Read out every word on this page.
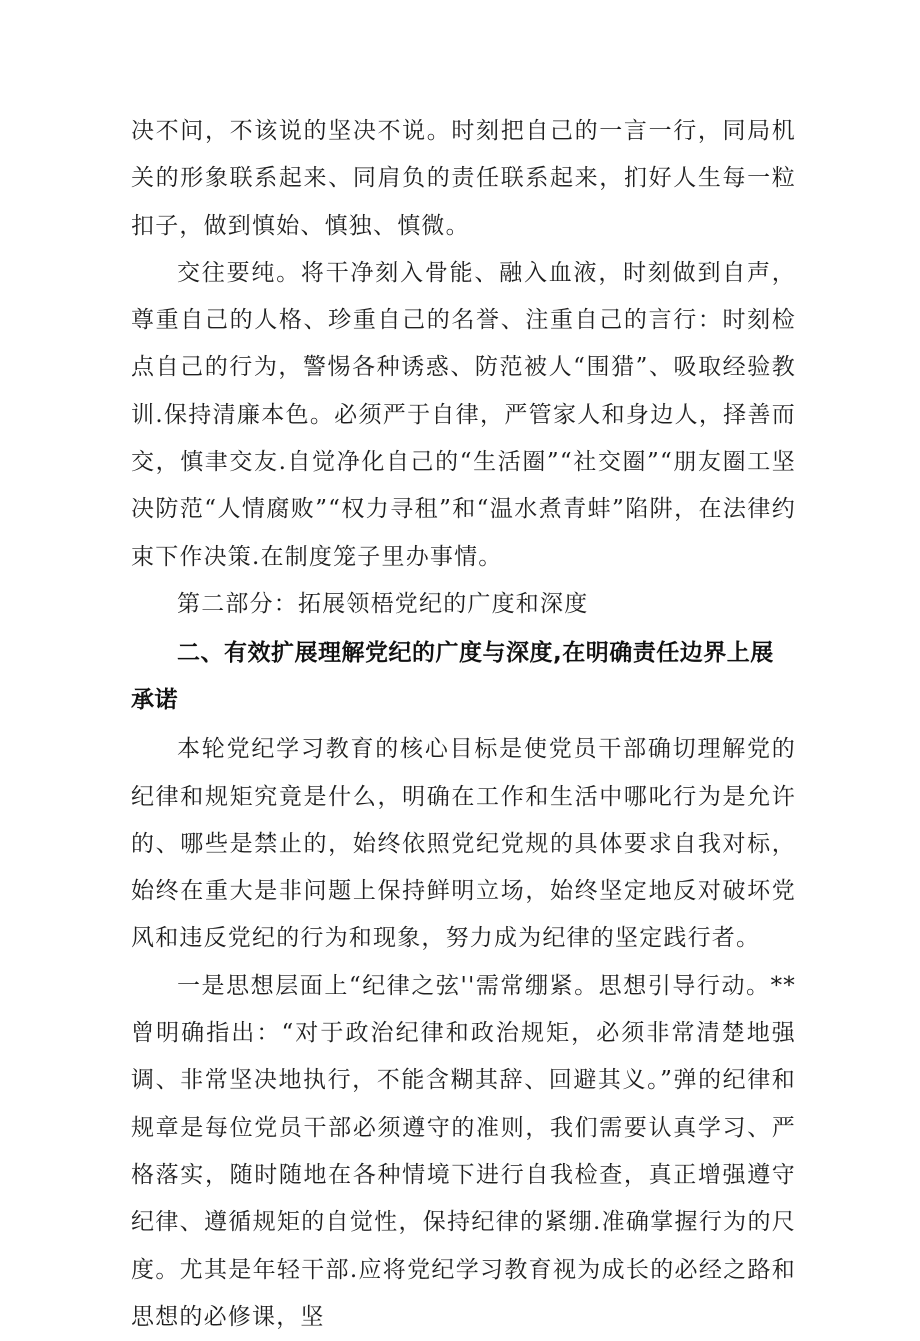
决不问，不该说的坚决不说。时刻把自己的一言一行，同局机关的形象联系起来、同肩负的责任联系起来，扪好人生每一粒扣子，做到慎始、慎独、慎微。

交往要纯。将干净刻入骨能、融入血液，时刻做到自声，尊重自己的人格、珍重自己的名誉、注重自己的言行：时刻检点自己的行为，警惕各种诱惑、防范被人“围猎”、吸取经验教训.保持清廉本色。必须严于自律，严管家人和身边人，择善而交，慎聿交友.自觉净化自己的“生活圈”“社交圈”“朋友圈工坚决防范“人情腐败”“权力寻租”和“温水煮青蚌”陷阱，在法律约束下作决策.在制度笼子里办事情。

第二部分：拓展领梧党纪的广度和深度

二、有效扩展理解党纪的广度与深度,在明确责任边界上展承诺

本轮党纪学习教育的核心目标是使党员干部确切理解党的纪律和规矩究竟是什么，明确在工作和生活中哪叱行为是允许的、哪些是禁止的，始终依照党纪党规的具体要求自我对标，始终在重大是非问题上保持鲜明立场，始终坚定地反对破坏党风和违反党纪的行为和现象，努力成为纪律的坚定践行者。

一是思想层面上“纪律之弦''需常绷紧。思想引导行动。**曾明确指出：“对于政治纪律和政治规矩，必须非常清楚地强调、非常坚决地执行，不能含糊其辞、回避其义。”弹的纪律和规章是每位党员干部必须遵守的准则，我们需要认真学习、严格落实，随时随地在各种情境下进行自我检查，真正增强遵守纪律、遵循规矩的自觉性，保持纪律的紧绷.准确掌握行为的尺度。尤其是年轻干部.应将党纪学习教育视为成长的必经之路和思想的必修课，坚
